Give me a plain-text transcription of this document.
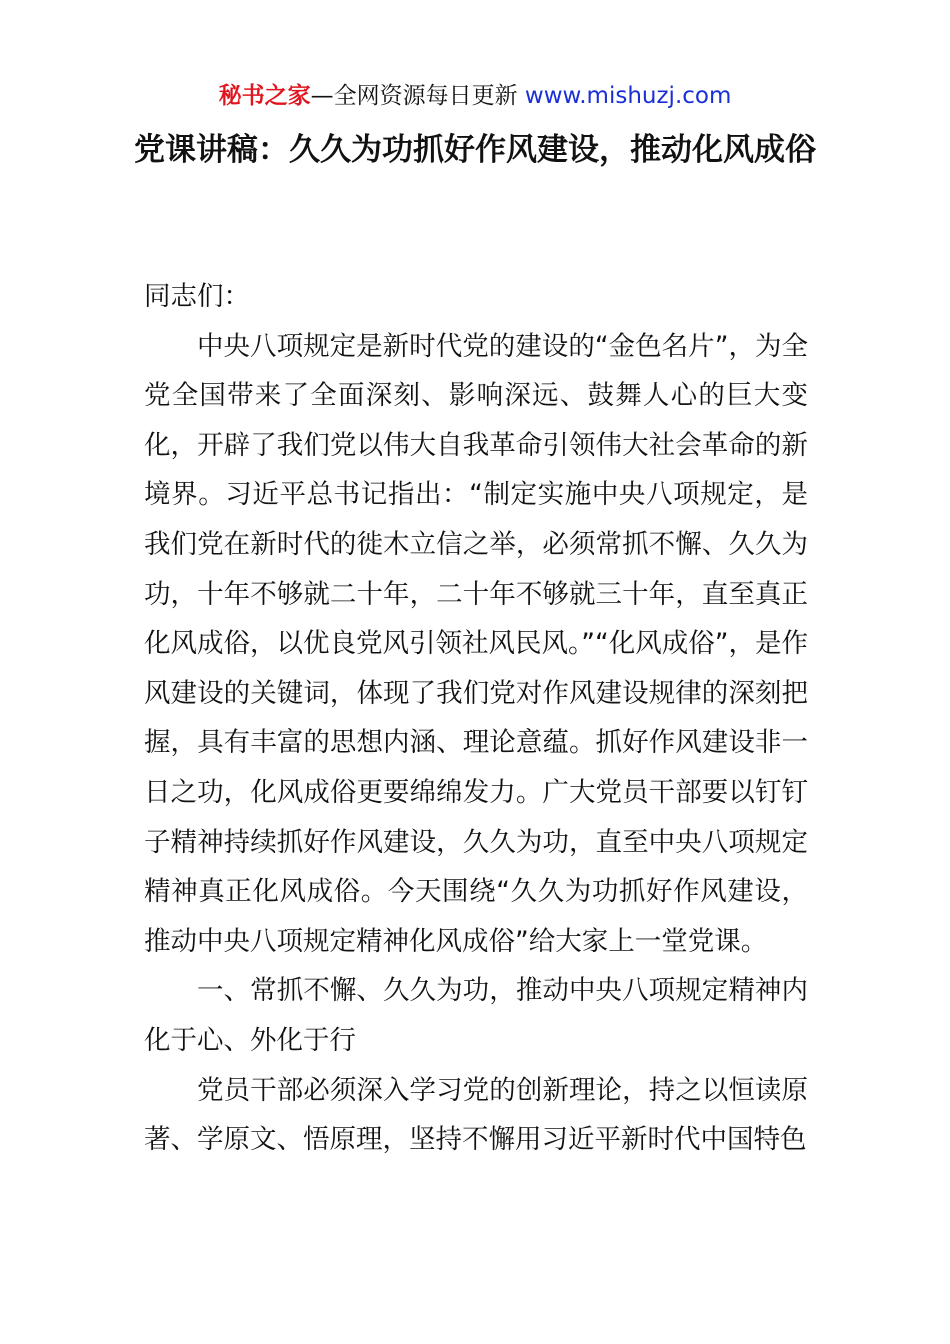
秘书之家—全网资源每日更新 www.mishuzj.com
党课讲稿：久久为功抓好作风建设，推动化风成俗

同志们：

中央八项规定是新时代党的建设的“金色名片”，为全党全国带来了全面深刻、影响深远、鼓舞人心的巨大变化，开辟了我们党以伟大自我革命引领伟大社会革命的新境界。习近平总书记指出：“制定实施中央八项规定，是我们党在新时代的徙木立信之举，必须常抓不懈、久久为功，十年不够就二十年，二十年不够就三十年，直至真正化风成俗，以优良党风引领社风民风。”“化风成俗”，是作风建设的关键词，体现了我们党对作风建设规律的深刻把握，具有丰富的思想内涵、理论意蕴。抓好作风建设非一日之功，化风成俗更要绵绵发力。广大党员干部要以钉钉子精神持续抓好作风建设，久久为功，直至中央八项规定精神真正化风成俗。今天围绕“久久为功抓好作风建设，推动中央八项规定精神化风成俗”给大家上一堂党课。

一、常抓不懈、久久为功，推动中央八项规定精神内化于心、外化于行

党员干部必须深入学习党的创新理论，持之以恒读原著、学原文、悟原理，坚持不懈用习近平新时代中国特色
